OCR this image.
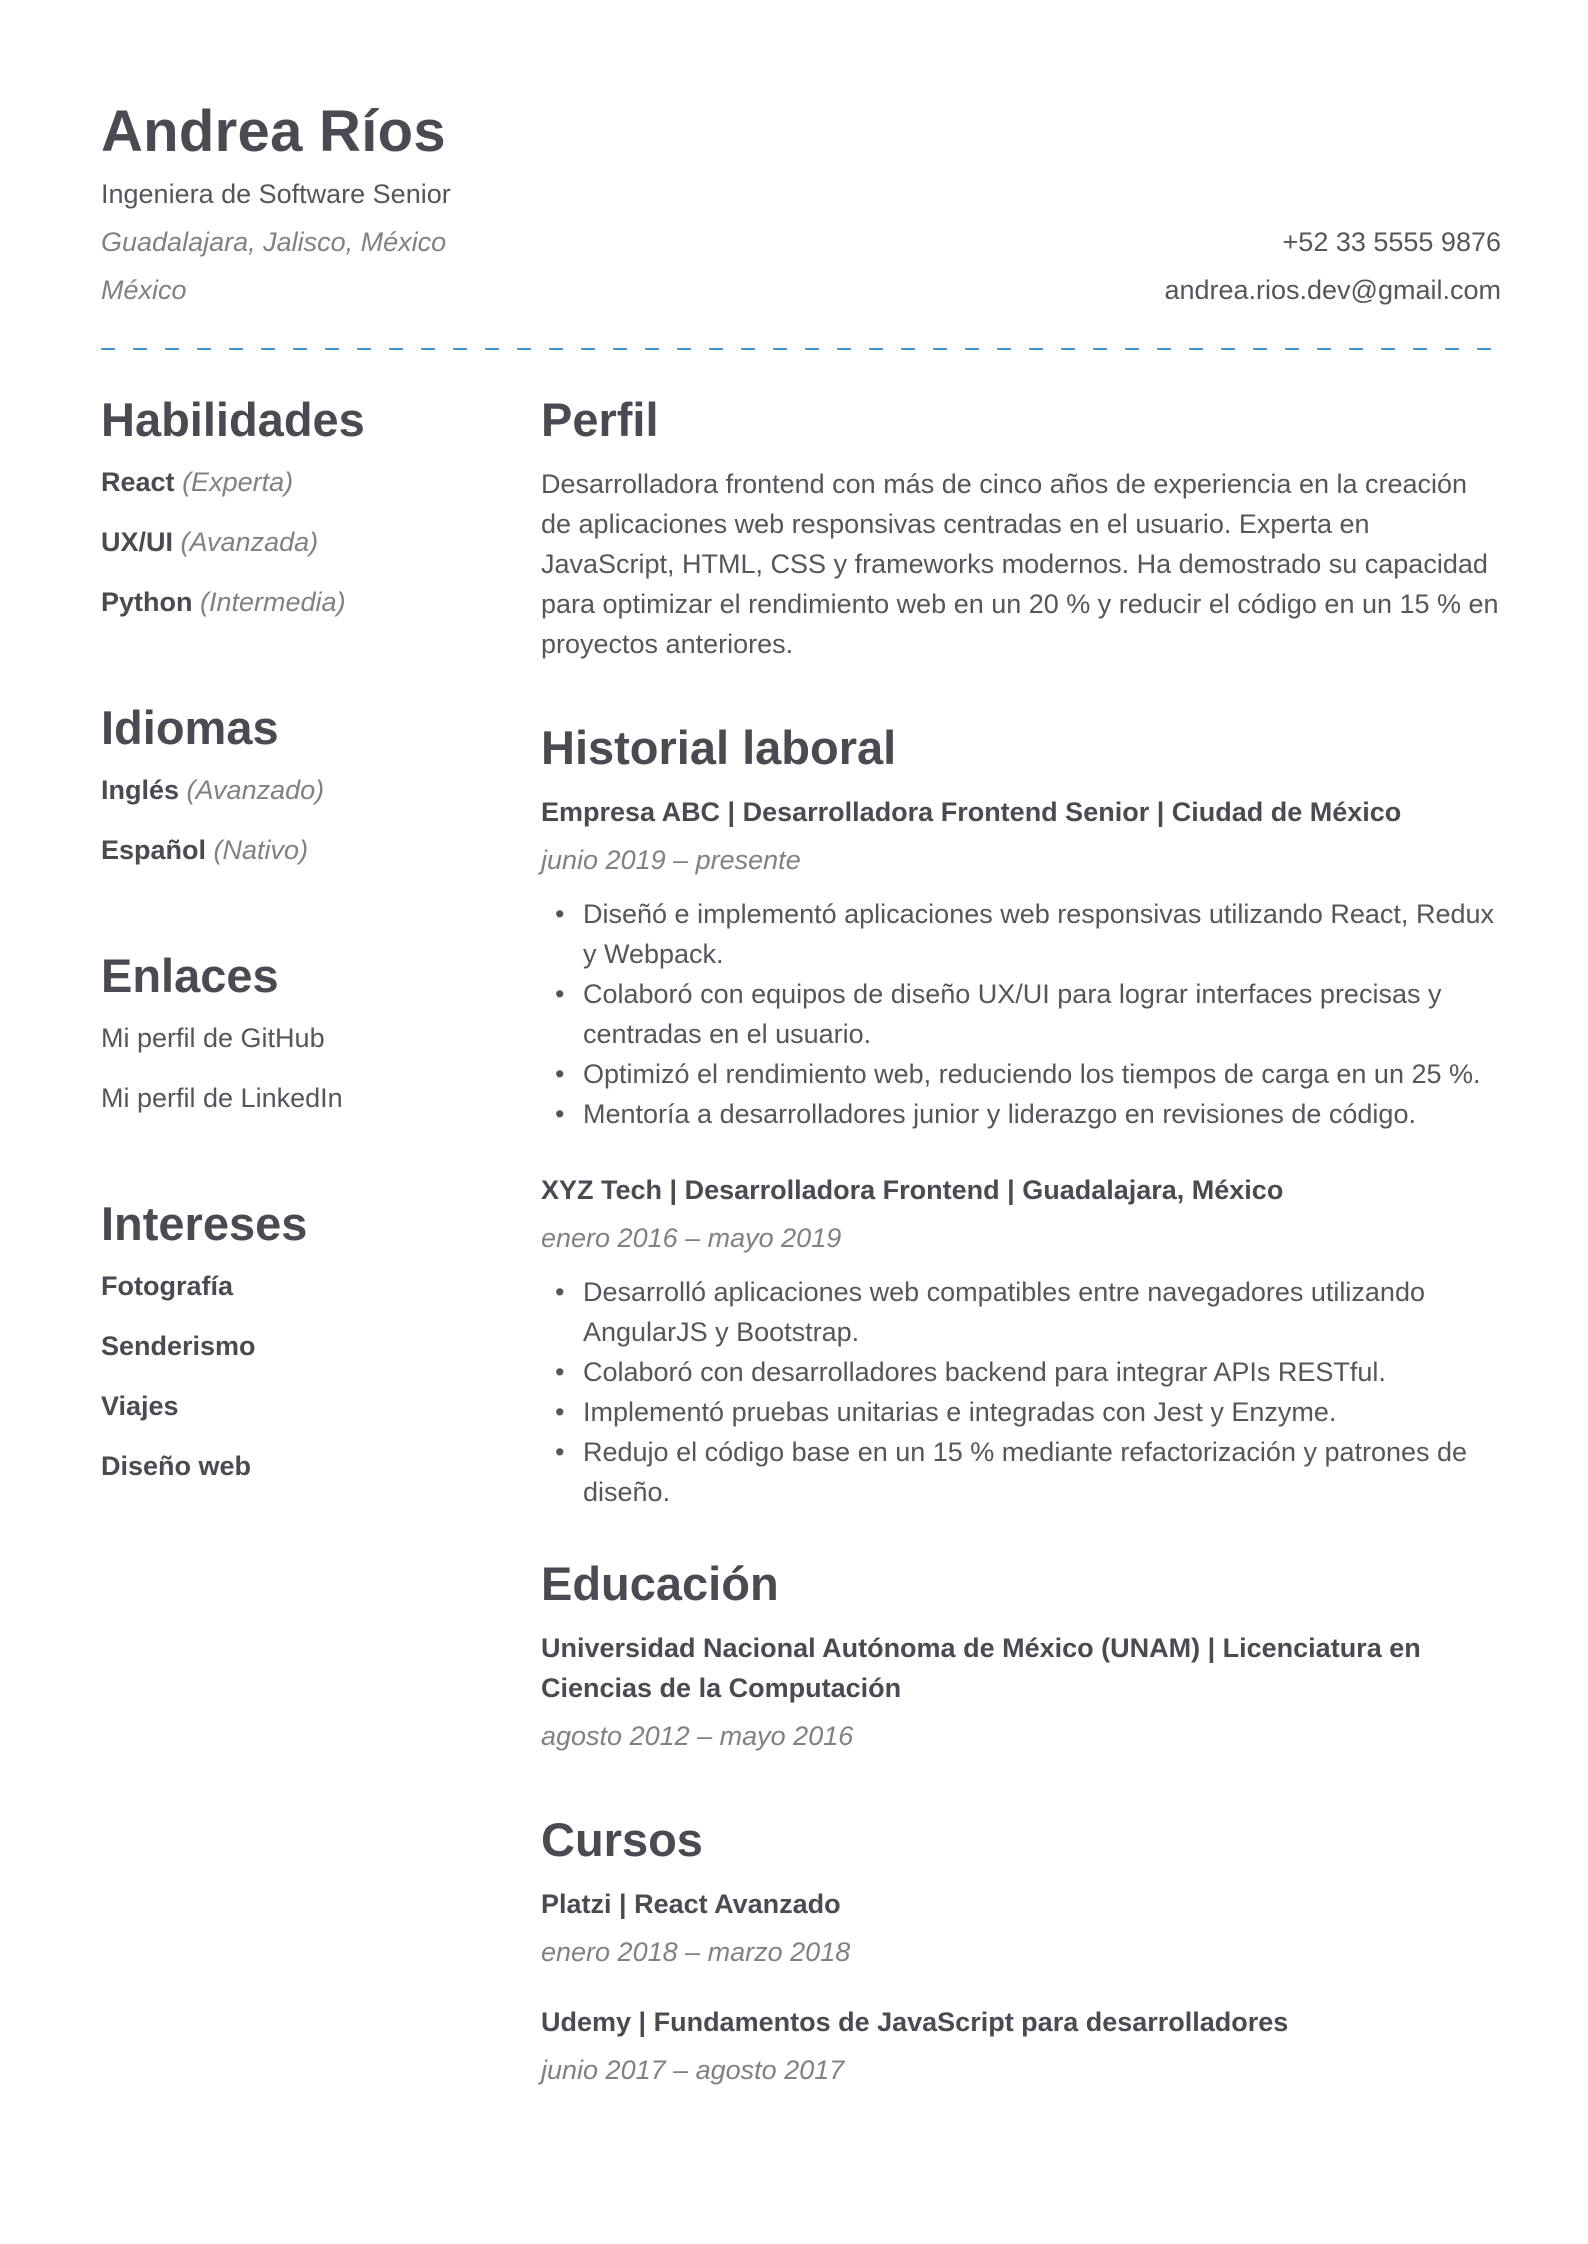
Andrea Ríos
Ingeniera de Software Senior
Guadalajara, Jalisco, México
México
+52 33 5555 9876
andrea.rios.dev@gmail.com
Habilidades
React (Experta)
UX/UI (Avanzada)
Python (Intermedia)
Idiomas
Inglés (Avanzado)
Español (Nativo)
Enlaces
Mi perfil de GitHub
Mi perfil de LinkedIn
Intereses
Fotografía
Senderismo
Viajes
Diseño web
Perfil

Desarrolladora frontend con más de cinco años de experiencia en la creación de aplicaciones web responsivas centradas en el usuario. Experta en JavaScript, HTML, CSS y frameworks modernos. Ha demostrado su capacidad para optimizar el rendimiento web en un 20 % y reducir el código en un 15 % en proyectos anteriores.

Historial laboral
Empresa ABC | Desarrolladora Frontend Senior | Ciudad de México
junio 2019 – presente
• Diseñó e implementó aplicaciones web responsivas utilizando React, Redux y Webpack.
• Colaboró con equipos de diseño UX/UI para lograr interfaces precisas y centradas en el usuario.
• Optimizó el rendimiento web, reduciendo los tiempos de carga en un 25 %.
• Mentoría a desarrolladores junior y liderazgo en revisiones de código.
XYZ Tech | Desarrolladora Frontend | Guadalajara, México
enero 2016 – mayo 2019
• Desarrolló aplicaciones web compatibles entre navegadores utilizando AngularJS y Bootstrap.
• Colaboró con desarrolladores backend para integrar APIs RESTful.
• Implementó pruebas unitarias e integradas con Jest y Enzyme.
• Redujo el código base en un 15 % mediante refactorización y patrones de diseño.
Educación
Universidad Nacional Autónoma de México (UNAM) | Licenciatura en Ciencias de la Computación
agosto 2012 – mayo 2016
Cursos
Platzi | React Avanzado
enero 2018 – marzo 2018
Udemy | Fundamentos de JavaScript para desarrolladores
junio 2017 – agosto 2017
